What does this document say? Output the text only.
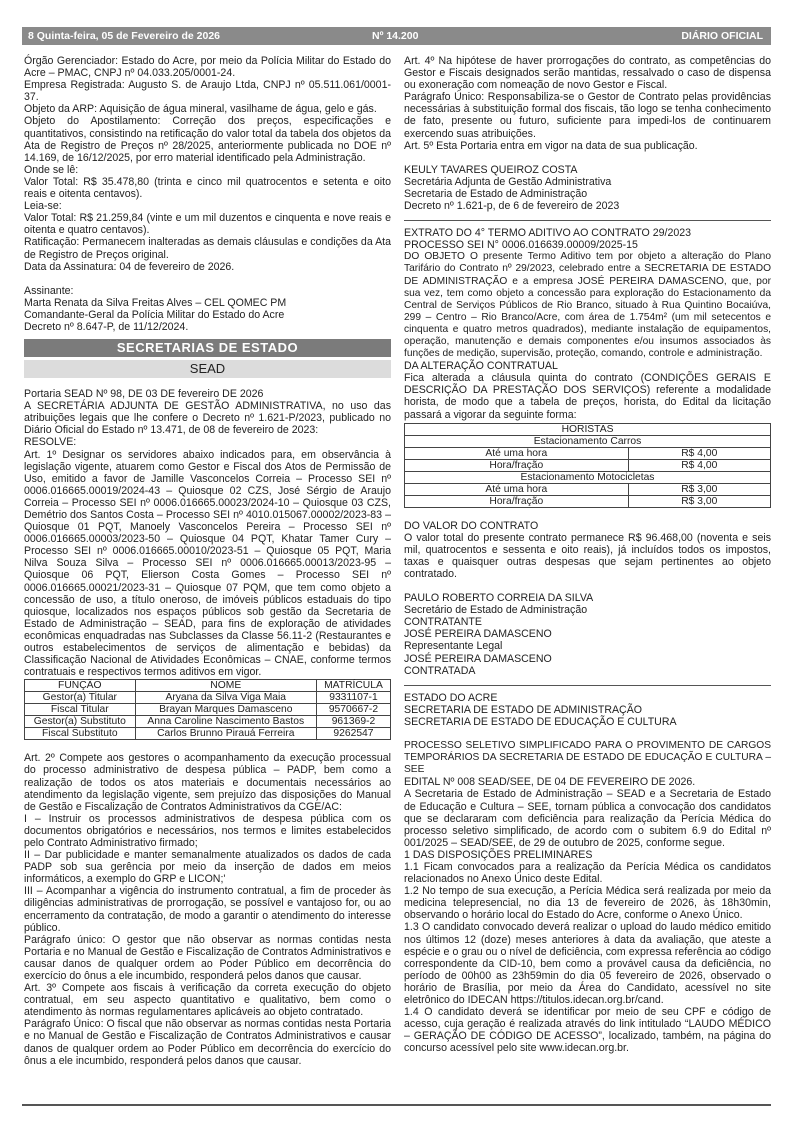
8 Quinta-feira, 05 de Fevereiro de 2026	Nº 14.200	DIÁRIO OFICIAL

Órgão Gerenciador: Estado do Acre, por meio da Polícia Militar do Estado do Acre – PMAC, CNPJ nº 04.033.205/0001-24.

Empresa Registrada: Augusto S. de Araujo Ltda, CNPJ nº 05.511.061/0001-37.

Objeto da ARP: Aquisição de água mineral, vasilhame de água, gelo e gás.

Objeto do Apostilamento: Correção dos preços, especificações e quantitativos, consistindo na retificação do valor total da tabela dos objetos da Ata de Registro de Preços nº 28/2025, anteriormente publicada no DOE nº 14.169, de 16/12/2025, por erro material identificado pela Administração.

Onde se lê:

Valor Total: R$ 35.478,80 (trinta e cinco mil quatrocentos e setenta e oito reais e oitenta centavos).

Leia-se:

Valor Total: R$ 21.259,84 (vinte e um mil duzentos e cinquenta e nove reais e oitenta e quatro centavos).

Ratificação: Permanecem inalteradas as demais cláusulas e condições da Ata de Registro de Preços original.

Data da Assinatura: 04 de fevereiro de 2026.

Assinante:

Marta Renata da Silva Freitas Alves – CEL QOMEC PM

Comandante-Geral da Polícia Militar do Estado do Acre

Decreto nº 8.647-P, de 11/12/2024.

SECRETARIAS DE ESTADO
SEAD

Portaria SEAD Nº 98, DE 03 DE fevereiro DE 2026

A SECRETÁRIA ADJUNTA DE GESTÃO ADMINISTRATIVA, no uso das atribuições legais que lhe confere o Decreto nº 1.621-P/2023, publicado no Diário Oficial do Estado nº 13.471, de 08 de fevereiro de 2023:

RESOLVE:

Art. 1º Designar os servidores abaixo indicados para, em observância à legislação vigente, atuarem como Gestor e Fiscal dos Atos de Permissão de Uso, emitido a favor de Jamille Vasconcelos Correia – Processo SEI nº 0006.016665.00019/2024-43 – Quiosque 02 CZS, José Sérgio de Araujo Correia – Processo SEI nº 0006.016665.00023/2024-10 – Quiosque 03 CZS, Demétrio dos Santos Costa – Processo SEI nº 4010.015067.00002/2023-83 – Quiosque 01 PQT, Manoely Vasconcelos Pereira – Processo SEI nº 0006.016665.00003/2023-50 – Quiosque 04 PQT, Khatar Tamer Cury – Processo SEI nº 0006.016665.00010/2023-51 – Quiosque 05 PQT, Maria Nilva Souza Silva – Processo SEI nº 0006.016665.00013/2023-95 – Quiosque 06 PQT, Elierson Costa Gomes – Processo SEI nº 0006.016665.00021/2023-31 – Quiosque 07 PQM, que tem como objeto a concessão de uso, a título oneroso, de imóveis públicos estaduais do tipo quiosque, localizados nos espaços públicos sob gestão da Secretaria de Estado de Administração – SEAD, para fins de exploração de atividades econômicas enquadradas nas Subclasses da Classe 56.11-2 (Restaurantes e outros estabelecimentos de serviços de alimentação e bebidas) da Classificação Nacional de Atividades Econômicas – CNAE, conforme termos contratuais e respectivos termos aditivos em vigor.

FUNÇÃO	NOME	MATRÍCULA
Gestor(a) Titular	Aryana da Silva Viga Maia	9331107-1
Fiscal Titular	Brayan Marques Damasceno	9570667-2
Gestor(a) Substituto	Anna Caroline Nascimento Bastos	961369-2
Fiscal Substituto	Carlos Brunno Pirauá Ferreira	9262547

Art. 2º Compete aos gestores o acompanhamento da execução processual do processo administrativo de despesa pública – PADP, bem como a realização de todos os atos materiais e documentais necessários ao atendimento da legislação vigente, sem prejuízo das disposições do Manual de Gestão e Fiscalização de Contratos Administrativos da CGE/AC:

I – Instruir os processos administrativos de despesa pública com os documentos obrigatórios e necessários, nos termos e limites estabelecidos pelo Contrato Administrativo firmado;

II – Dar publicidade e manter semanalmente atualizados os dados de cada PADP sob sua gerência por meio da inserção de dados em meios informáticos, a exemplo do GRP e LICON;'

III – Acompanhar a vigência do instrumento contratual, a fim de proceder às diligências administrativas de prorrogação, se possível e vantajoso for, ou ao encerramento da contratação, de modo a garantir o atendimento do interesse público.

Parágrafo único: O gestor que não observar as normas contidas nesta Portaria e no Manual de Gestão e Fiscalização de Contratos Administrativos e causar danos de qualquer ordem ao Poder Público em decorrência do exercício do ônus a ele incumbido, responderá pelos danos que causar.

Art. 3º Compete aos fiscais à verificação da correta execução do objeto contratual, em seu aspecto quantitativo e qualitativo, bem como o atendimento às normas regulamentares aplicáveis ao objeto contratado.

Parágrafo Único: O fiscal que não observar as normas contidas nesta Portaria e no Manual de Gestão e Fiscalização de Contratos Administrativos e causar danos de qualquer ordem ao Poder Público em decorrência do exercício do ônus a ele incumbido, responderá pelos danos que causar.

Art. 4º Na hipótese de haver prorrogações do contrato, as competências do Gestor e Fiscais designados serão mantidas, ressalvado o caso de dispensa ou exoneração com nomeação de novo Gestor e Fiscal.

Parágrafo Único: Responsabiliza-se o Gestor de Contrato pelas providências necessárias à substituição formal dos fiscais, tão logo se tenha conhecimento de fato, presente ou futuro, suficiente para impedi-los de continuarem exercendo suas atribuições.

Art. 5º Esta Portaria entra em vigor na data de sua publicação.

KEULY TAVARES QUEIROZ COSTA

Secretária Adjunta de Gestão Administrativa

Secretaria de Estado de Administração

Decreto nº 1.621-p, de 6 de fevereiro de 2023

EXTRATO DO 4° TERMO ADITIVO AO CONTRATO 29/2023

PROCESSO SEI N° 0006.016639.00009/2025-15

DO OBJETO O presente Termo Aditivo tem por objeto a alteração do Plano Tarifário do Contrato nº 29/2023, celebrado entre a SECRETARIA DE ESTADO DE ADMINISTRAÇÃO e a empresa JOSÉ PEREIRA DAMASCENO, que, por sua vez, tem como objeto a concessão para exploração do Estacionamento da Central de Serviços Públicos de Rio Branco, situado à Rua Quintino Bocaiúva, 299 – Centro – Rio Branco/Acre, com área de 1.754m² (um mil setecentos e cinquenta e quatro metros quadrados), mediante instalação de equipamentos, operação, manutenção e demais componentes e/ou insumos associados às funções de medição, supervisão, proteção, comando, controle e administração.

DA ALTERAÇÃO CONTRATUAL

Fica alterada a cláusula quinta do contrato (CONDIÇÕES GERAIS E DESCRIÇÃO DA PRESTAÇÃO DOS SERVIÇOS) referente a modalidade horista, de modo que a tabela de preços, horista, do Edital da licitação passará a vigorar da seguinte forma:

HORISTAS	
Estacionamento Carros	
Até uma hora	R$ 4,00
Hora/fração	R$ 4,00
Estacionamento Motocicletas	
Até uma hora	R$ 3,00
Hora/fração	R$ 3,00

DO VALOR DO CONTRATO

O valor total do presente contrato permanece R$ 96.468,00 (noventa e seis mil, quatrocentos e sessenta e oito reais), já incluídos todos os impostos, taxas e quaisquer outras despesas que sejam pertinentes ao objeto contratado.

PAULO ROBERTO CORREIA DA SILVA

Secretário de Estado de Administração

CONTRATANTE

JOSÉ PEREIRA DAMASCENO

Representante Legal

JOSÉ PEREIRA DAMASCENO

CONTRATADA

ESTADO DO ACRE

SECRETARIA DE ESTADO DE ADMINISTRAÇÃO

SECRETARIA DE ESTADO DE EDUCAÇÃO E CULTURA

PROCESSO SELETIVO SIMPLIFICADO PARA O PROVIMENTO DE CARGOS TEMPORÁRIOS DA SECRETARIA DE ESTADO DE EDUCAÇÃO E CULTURA – SEE

EDITAL Nº 008 SEAD/SEE, DE 04 DE FEVEREIRO DE 2026.

A Secretaria de Estado de Administração – SEAD e a Secretaria de Estado de Educação e Cultura – SEE, tornam pública a convocação dos candidatos que se declararam com deficiência para realização da Perícia Médica do processo seletivo simplificado, de acordo com o subitem 6.9 do Edital nº 001/2025 – SEAD/SEE, de 29 de outubro de 2025, conforme segue.

1 DAS DISPOSIÇÕES PRELIMINARES

1.1 Ficam convocados para a realização da Perícia Médica os candidatos relacionados no Anexo Único deste Edital.

1.2 No tempo de sua execução, a Perícia Médica será realizada por meio da medicina telepresencial, no dia 13 de fevereiro de 2026, às 18h30min, observando o horário local do Estado do Acre, conforme o Anexo Único.

1.3 O candidato convocado deverá realizar o upload do laudo médico emitido nos últimos 12 (doze) meses anteriores à data da avaliação, que ateste a espécie e o grau ou o nível de deficiência, com expressa referência ao código correspondente da CID-10, bem como a provável causa da deficiência, no período de 00h00 as 23h59min do dia 05 fevereiro de 2026, observado o horário de Brasília, por meio da Área do Candidato, acessível no site eletrônico do IDECAN https://titulos.idecan.org.br/cand.

1.4 O candidato deverá se identificar por meio de seu CPF e código de acesso, cuja geração é realizada através do link intitulado “LAUDO MÉDICO – GERAÇÃO DE CÓDIGO DE ACESSO”, localizado, também, na página do concurso acessível pelo site www.idecan.org.br.
